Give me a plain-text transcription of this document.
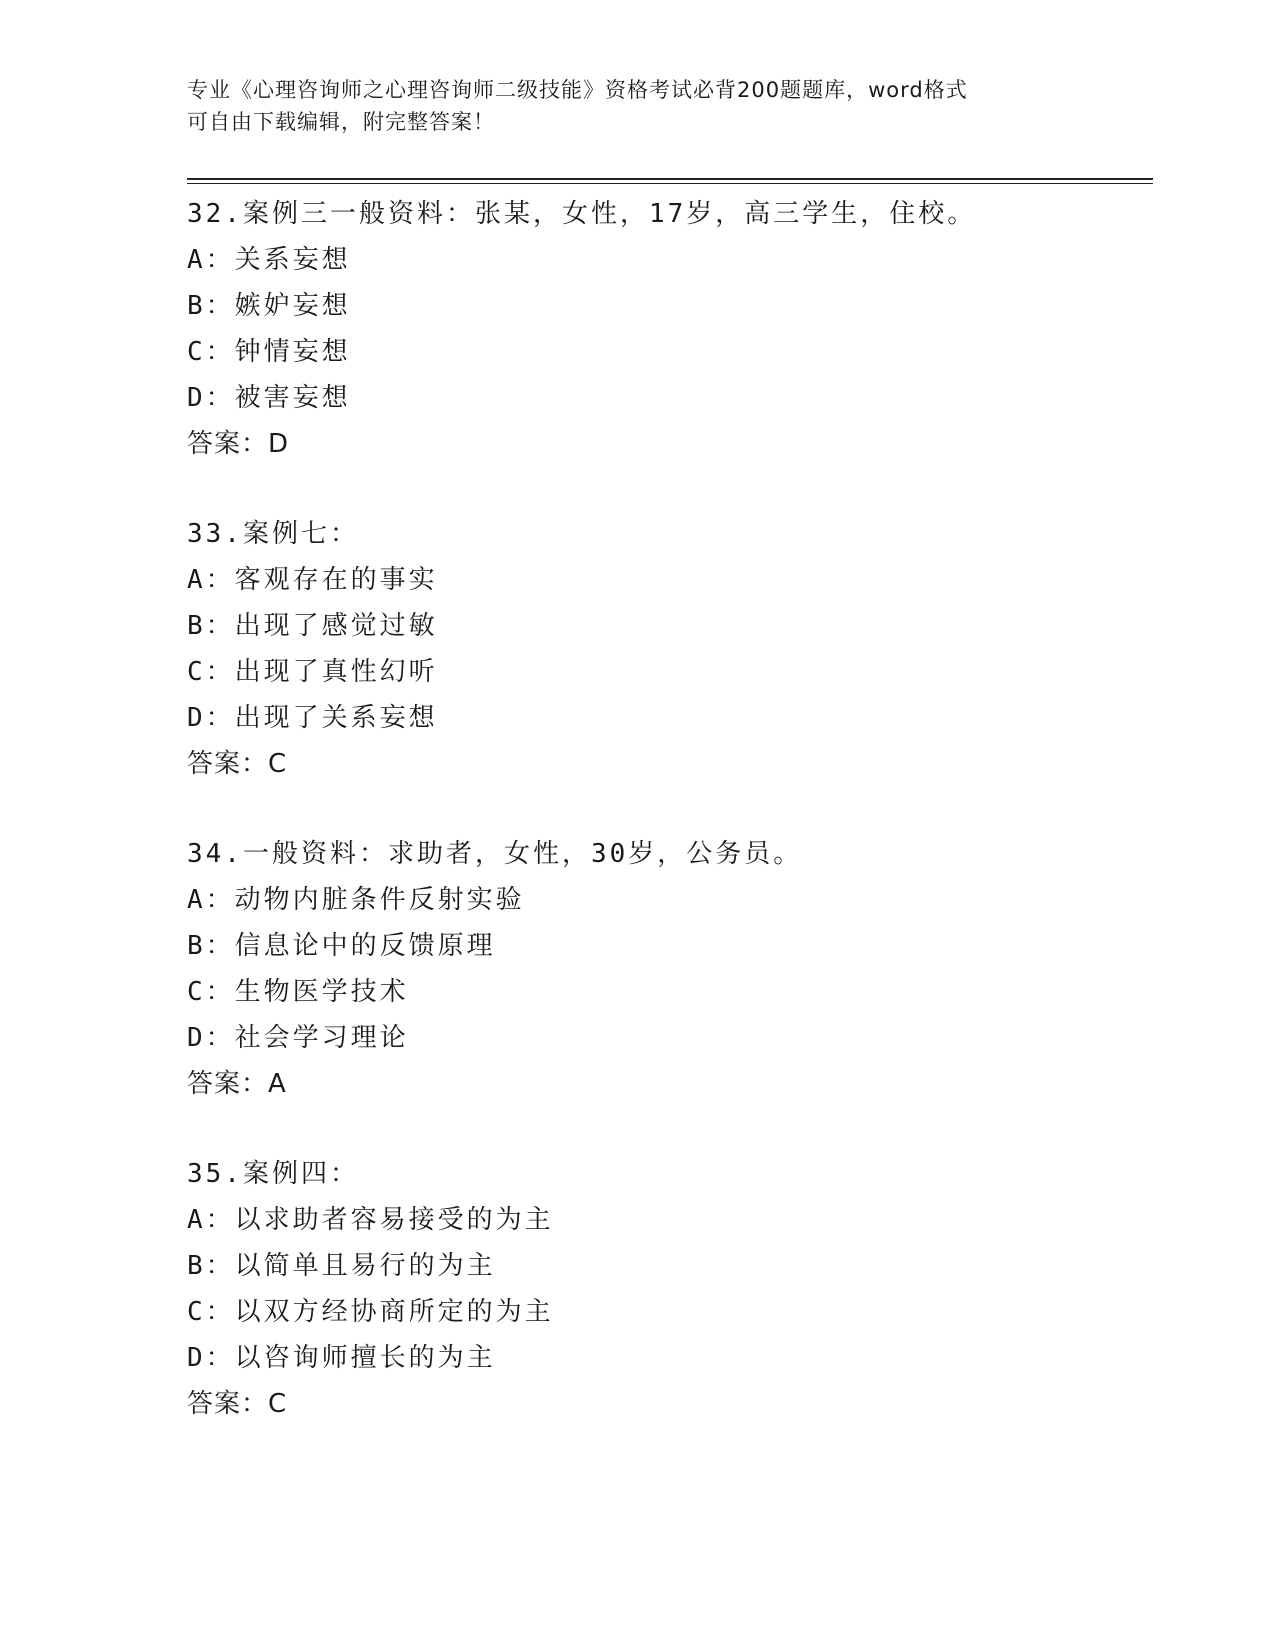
专业《心理咨询师之心理咨询师二级技能》资格考试必背200题题库，word格式
可自由下载编辑，附完整答案！
32.案例三一般资料：张某，女性，17岁，高三学生，住校。
A：关系妄想
B：嫉妒妄想
C：钟情妄想
D：被害妄想
答案：D
33.案例七：
A：客观存在的事实
B：出现了感觉过敏
C：出现了真性幻听
D：出现了关系妄想
答案：C
34.一般资料：求助者，女性，30岁，公务员。
A：动物内脏条件反射实验
B：信息论中的反馈原理
C：生物医学技术
D：社会学习理论
答案：A
35.案例四：
A：以求助者容易接受的为主
B：以简单且易行的为主
C：以双方经协商所定的为主
D：以咨询师擅长的为主
答案：C
